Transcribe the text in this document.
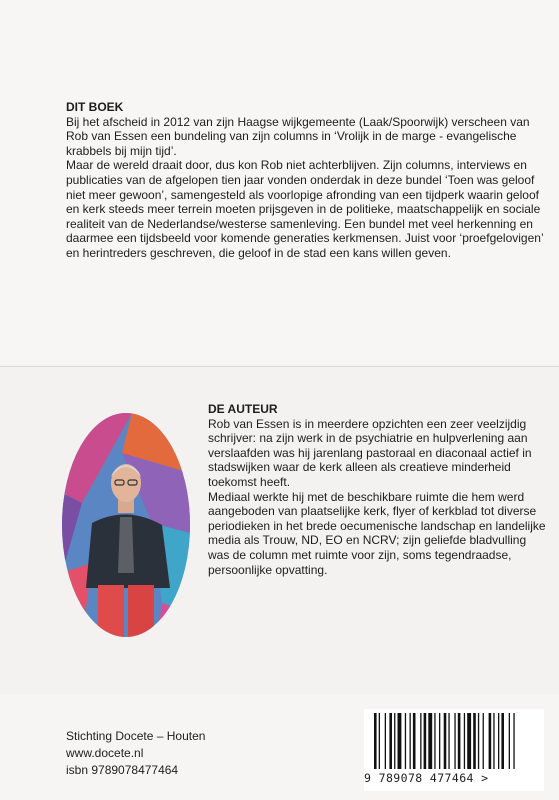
DIT BOEK

Bij het afscheid in 2012 van zijn Haagse wijkgemeente (Laak/Spoorwijk) verscheen van Rob van Essen een bundeling van zijn columns in ‘Vrolijk in de marge - evangelische krabbels bij mijn tijd’.

Maar de wereld draait door, dus kon Rob niet achterblijven. Zijn columns, interviews en publicaties van de afgelopen tien jaar vonden onderdak in deze bundel ‘Toen was geloof niet meer gewoon’, samengesteld als voorlopige afronding van een tijdperk waarin geloof en kerk steeds meer terrein moeten prijsgeven in de politieke, maatschappelijk en sociale realiteit van de Nederlandse/westerse samenleving. Een bundel met veel herkenning en daarmee een tijdsbeeld voor komende generaties kerkmensen. Juist voor ‘proefgelovigen’ en herintreders geschreven, die geloof in de stad een kans willen geven.

DE AUTEUR

Rob van Essen is in meerdere opzichten een zeer veelzijdig schrijver: na zijn werk in de psychiatrie en hulpverlening aan verslaafden was hij jarenlang pastoraal en diaconaal actief in stadswijken waar de kerk alleen als creatieve minderheid toekomst heeft.

Mediaal werkte hij met de beschikbare ruimte die hem werd aangeboden van plaatselijke kerk, flyer of kerkblad tot diverse periodieken in het brede oecumenische landschap en landelijke media als Trouw, ND, EO en NCRV; zijn geliefde bladvulling was de column met ruimte voor zijn, soms tegendraadse, persoonlijke opvatting.

Stichting Docete – Houten
www.docete.nl
isbn 9789078477464
9 789078 477464 >
